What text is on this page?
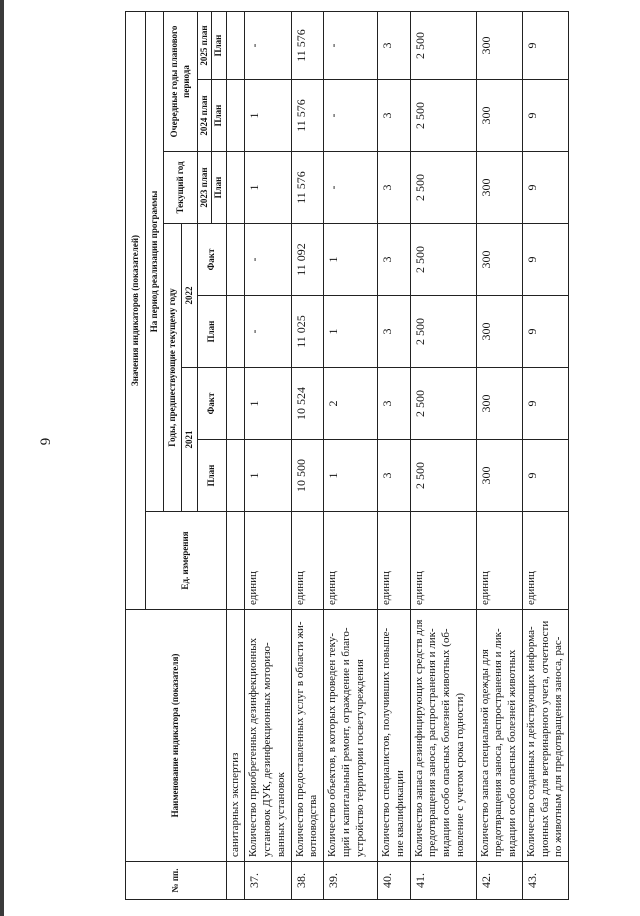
6
№ пп.	Наименование индикатора (показателя)	Значения индикаторов (показателей)							
		Ед. измерения	На период реализации программы						
			Годы, предшествующие текущему году				Текущий год	Очередные годы планового периода	
			2021		2022				
			План	Факт	План	Факт	2023 план	2024 план	2025 план
							План	План	План
	санитарных экспертиз								
37.	Количество приобретенных дезинфекционных установок ДУК, дезинфекционных моторизо-ванных установок	единиц	1	1	-	-	1	1	-
38.	Количество предоставленных услуг в области жи-вотноводства	единиц	10 500	10 524	11 025	11 092	11 576	11 576	11 576
39.	Количество объектов, в которых проведен теку-щий и капитальный ремонт, ограждение и благо-устройство территории госветучреждения	единиц	1	2	1	1	-	-	-
40.	Количество специалистов, получивших повыше-ние квалификации	единиц	3	3	3	3	3	3	3
41.	Количество запаса дезинфицирующих средств для предотвращения заноса, распространения и лик-видации особо опасных болезней животных (об-новление с учетом срока годности)	единиц	2 500	2 500	2 500	2 500	2 500	2 500	2 500
42.	Количество запаса специальной одежды для предотвращения заноса, распространения и лик-видации особо опасных болезней животных	единиц	300	300	300	300	300	300	300
43.	Количество созданных и действующих информа-ционных баз для ветеринарного учета, отчетности по животным для предотвращения заноса, рас-	единиц	9	9	9	9	9	9	9
